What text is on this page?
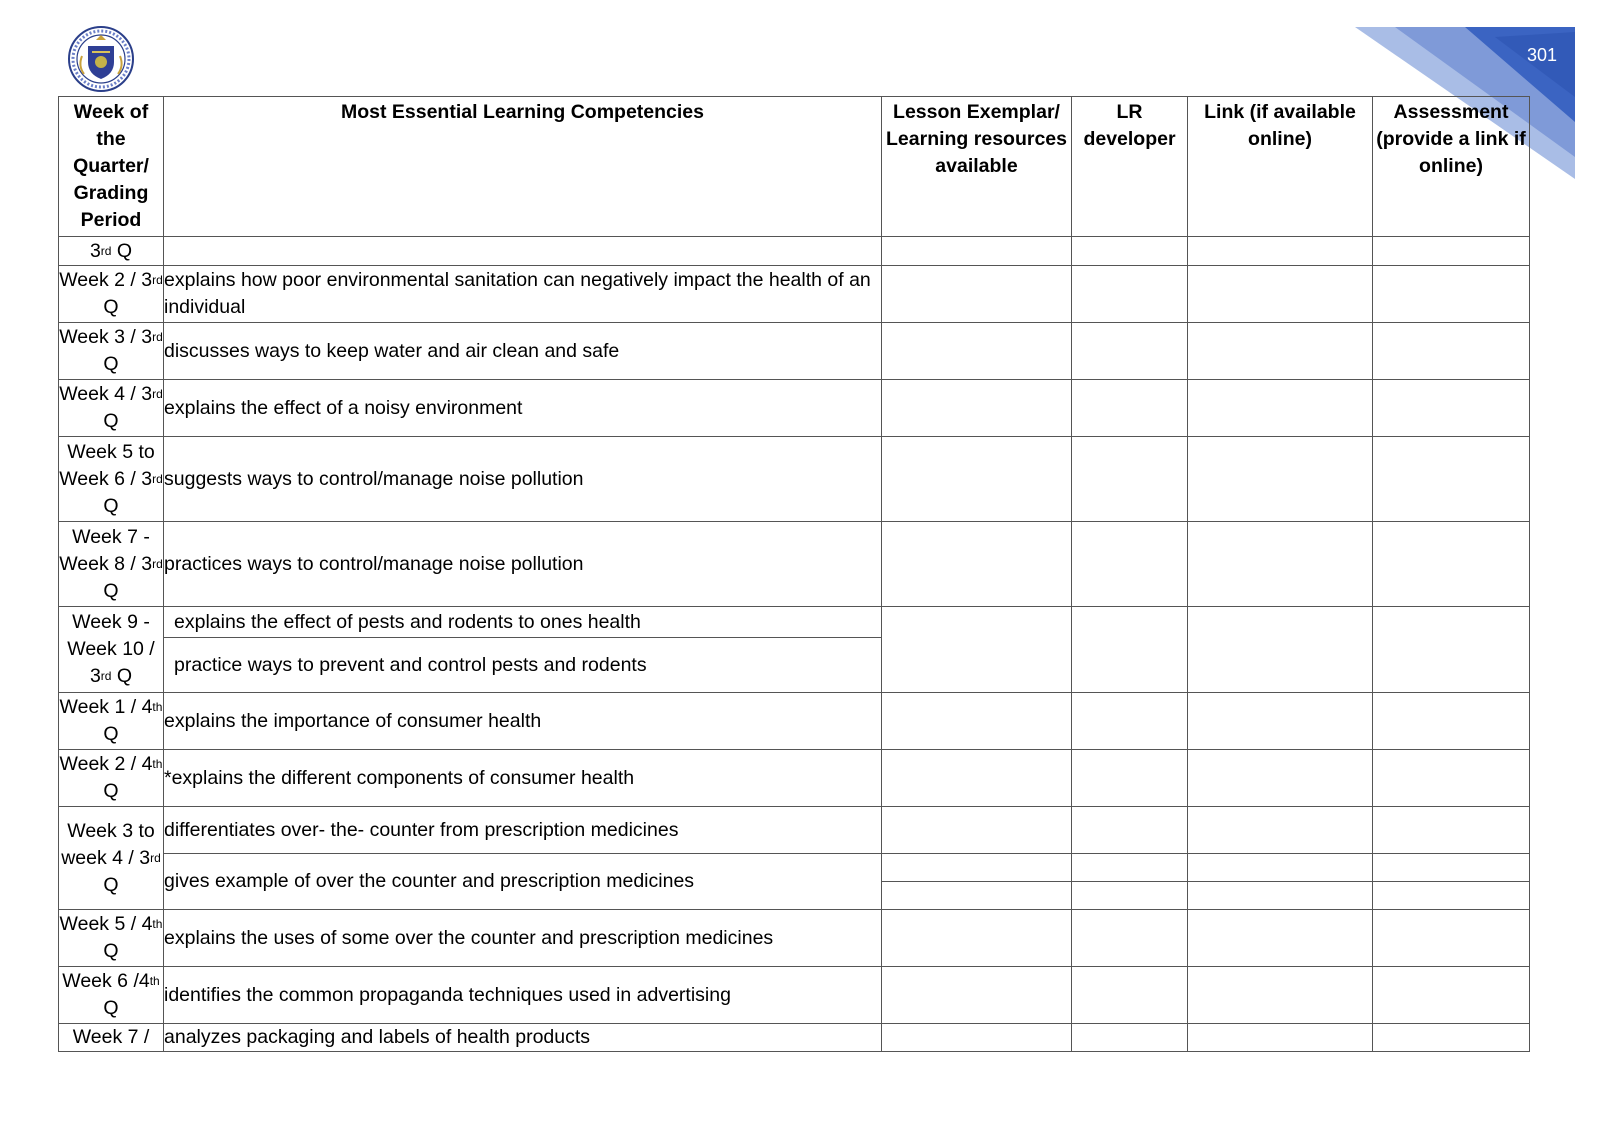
301
Week of the Quarter/ Grading Period	Most Essential Learning Competencies	Lesson Exemplar/ Learning resources available	LR developer	Link (if available online)	Assessment (provide a link if online)
3rd Q					
Week 2 / 3rd Q	explains how poor environmental sanitation can negatively impact the health of an individual				
Week 3 / 3rd Q	discusses ways to keep water and air clean and safe				
Week 4 / 3rd Q	explains the effect of a noisy environment				
Week 5 to Week 6 / 3rd Q	suggests ways to control/manage noise pollution				
Week 7 - Week 8 / 3rd Q	practices ways to control/manage noise pollution				
Week 9 - Week 10 / 3rd Q	explains the effect of pests and rodents to ones health
practice ways to prevent and control pests and rodents				

Week 1 / 4th Q	explains the importance of consumer health				
Week 2 / 4th Q	*explains the different components of consumer health				
Week 3 to week 4 / 3rd Q	differentiates over- the- counter from prescription medicines				
	gives example of over the counter and prescription medicines				

Week 5 / 4th Q	explains the uses of some over the counter and prescription medicines				
Week 6 /4th Q	identifies the common propaganda techniques used in advertising				
Week 7 /	analyzes packaging and labels of health products				
